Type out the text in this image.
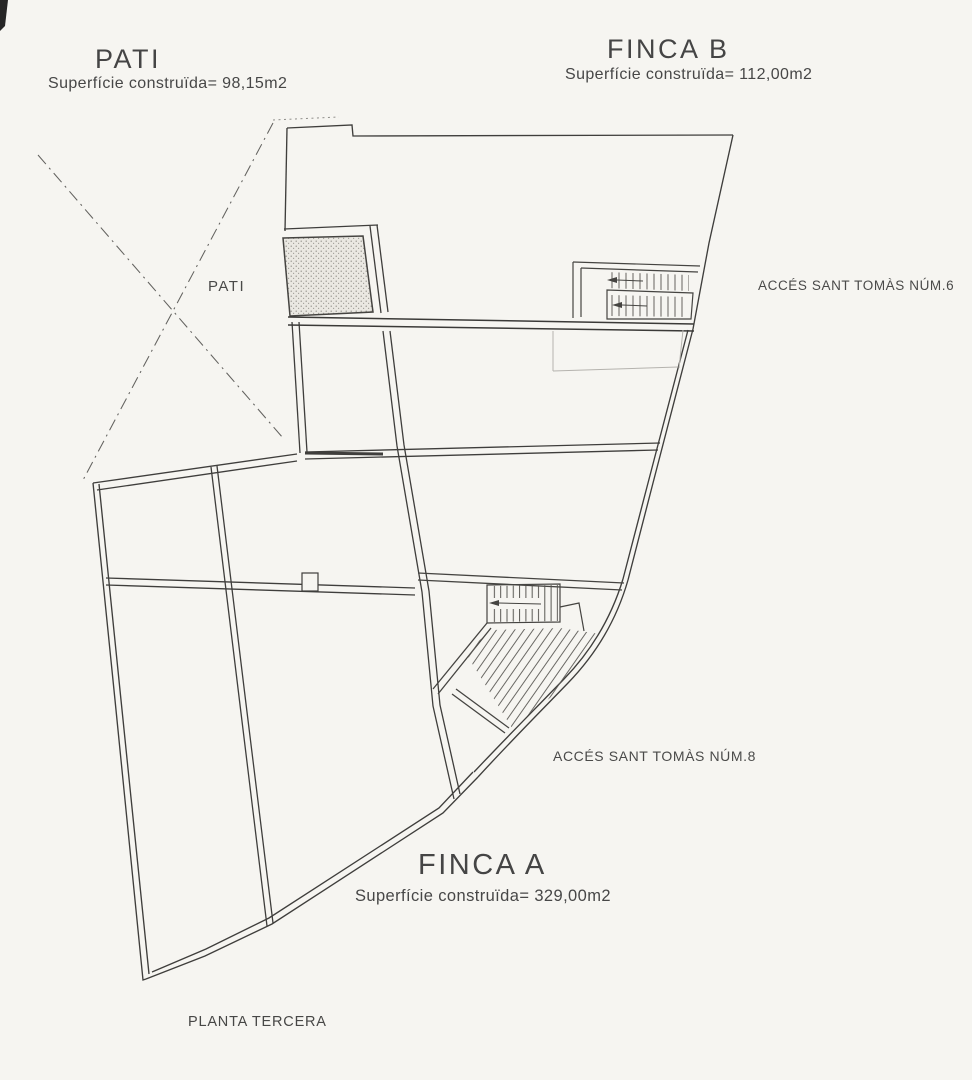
PATI
Superfície construïda= 98,15m2
FINCA B
Superfície construïda= 112,00m2
ACCÉS SANT TOMÀS NÚM.6
PATI
ACCÉS SANT TOMÀS NÚM.8
FINCA A
Superfície construïda= 329,00m2
PLANTA TERCERA
